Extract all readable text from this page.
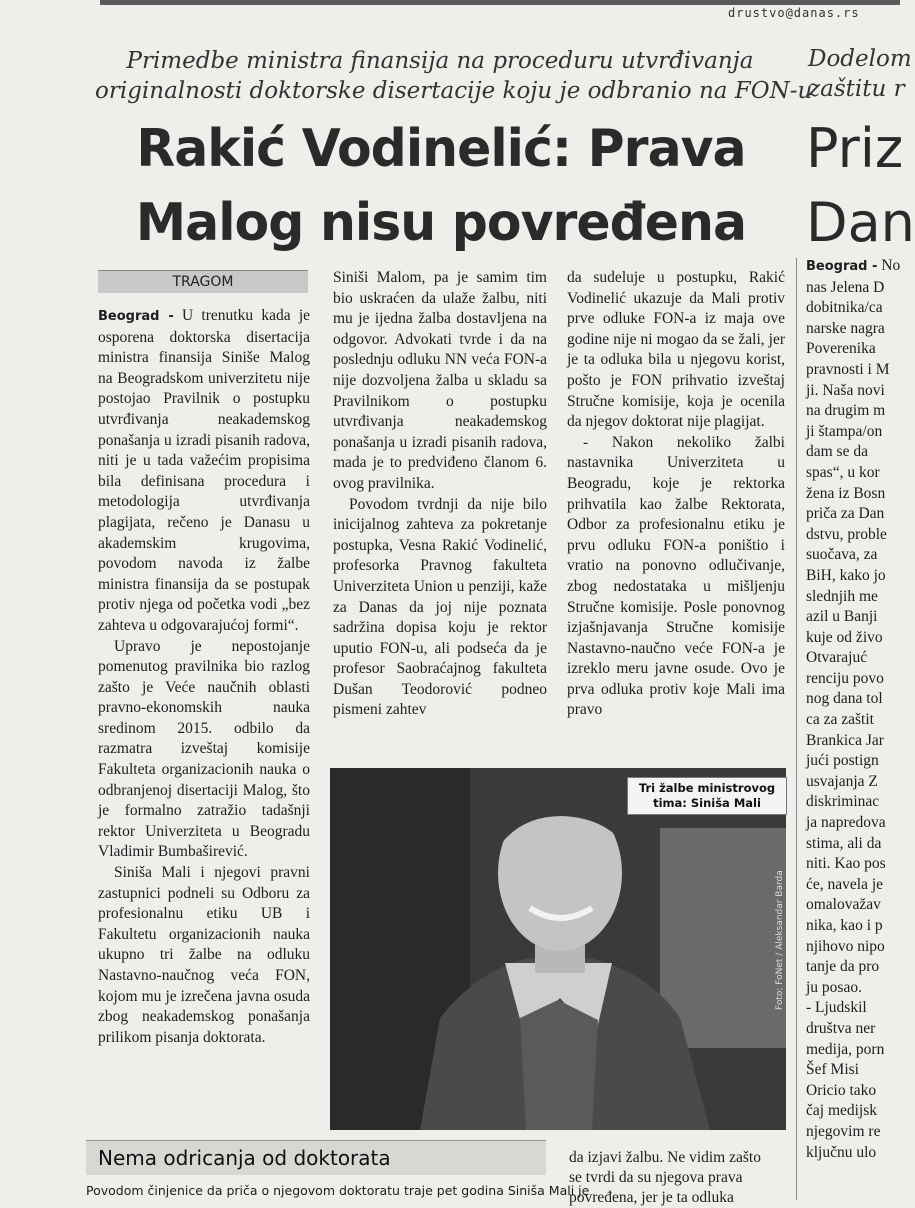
drustvo@danas.rs
Primedbe ministra finansija na proceduru utvrđivanja
originalnosti doktorske disertacije koju je odbranio na FON-u
Rakić Vodinelić: Prava
Malog nisu povređena
Dodelom
zaštitu r
Priz
Dan
TRAGOM

Beograd - U trenutku kada je osporena doktorska disertacija ministra finansija Siniše Malog na Beogradskom univerzitetu nije postojao Pravilnik o postupku utvrđivanja neakademskog ponašanja u izradi pisanih radova, niti je u tada važećim propisima bila definisana procedura i metodologija utvrđivanja plagijata, rečeno je Danasu u akademskim krugovima, povodom navoda iz žalbe ministra finansija da se postupak protiv njega od početka vodi „bez zahteva u odgovarajućoj formi“.

Upravo je nepostojanje pomenutog pravilnika bio razlog zašto je Veće naučnih oblasti pravno-ekonomskih nauka sredinom 2015. odbilo da razmatra izveštaj komisije Fakulteta organizacionih nauka o odbranjenoj disertaciji Malog, što je formalno zatražio tadašnji rektor Univerziteta u Beogradu Vladimir Bumbaširević.

Siniša Mali i njegovi pravni zastupnici podneli su Odboru za profesionalnu etiku UB i Fakultetu organizacionih nauka ukupno tri žalbe na odluku Nastavno-naučnog veća FON, kojom mu je izrečena javna osuda zbog neakademskog ponašanja prilikom pisanja doktorata.

Siniši Malom, pa je samim tim bio uskraćen da ulaže žalbu, niti mu je ijedna žalba dostavljena na odgovor. Advokati tvrde i da na poslednju odluku NN veća FON-a nije dozvoljena žalba u skladu sa Pravilnikom o postupku utvrđivanja neakademskog ponašanja u izradi pisanih radova, mada je to predviđeno članom 6. ovog pravilnika.

Povodom tvrdnji da nije bilo inicijalnog zahteva za pokretanje postupka, Vesna Rakić Vodinelić, profesorka Pravnog fakulteta Univerziteta Union u penziji, kaže za Danas da joj nije poznata sadržina dopisa koju je rektor uputio FON-u, ali podseća da je profesor Saobraćajnog fakulteta Dušan Teodorović podneo pismeni zahtev

da sudeluje u postupku, Rakić Vodinelić ukazuje da Mali protiv prve odluke FON-a iz maja ove godine nije ni mogao da se žali, jer je ta odluka bila u njegovu korist, pošto je FON prihvatio izveštaj Stručne komisije, koja je ocenila da njegov doktorat nije plagijat.

- Nakon nekoliko žalbi nastavnika Univerziteta u Beogradu, koje je rektorka prihvatila kao žalbe Rektorata, Odbor za profesionalnu etiku je prvu odluku FON-a poništio i vratio na ponovno odlučivanje, zbog nedostataka u mišljenju Stručne komisije. Posle ponovnog izjašnjavanja Stručne komisije Nastavno-naučno veće FON-a je izreklo meru javne osude. Ovo je prva odluka protiv koje Mali ima pravo

Tri žalbe ministrovog tima: Siniša Mali
Foto: FoNet / Aleksandar Barda
Nema odricanja od doktorata
Povodom činjenice da priča o njegovom doktoratu traje pet godina Siniša Mali je
da izjavi žalbu. Ne vidim zašto
se tvrdi da su njegova prava
povređena, jer je ta odluka
Beograd - No
nas Jelena D
dobitnika/ca
narske nagra
Poverenika
pravnosti i M
ji. Naša novi
na drugim m
ji štampa/on
dam se da
spas“, u kor
žena iz Bosn
priča za Dan
dstvu, proble
suočava, za
BiH, kako jo
slednjih me
azil u Banji
kuje od živo
Otvarajuć
renciju povo
nog dana tol
ca za zaštit
Brankica Jar
jući postign
usvajanja Z
diskriminac
ja napredova
stima, ali da
niti. Kao pos
će, navela je
omalovažav
nika, kao i p
njihovo nipo
tanje da pro
ju posao.
- Ljudskil
društva ner
medija, porn
Šef Misi
Oricio tako
čaj medijsk
njegovim re
ključnu ulo
